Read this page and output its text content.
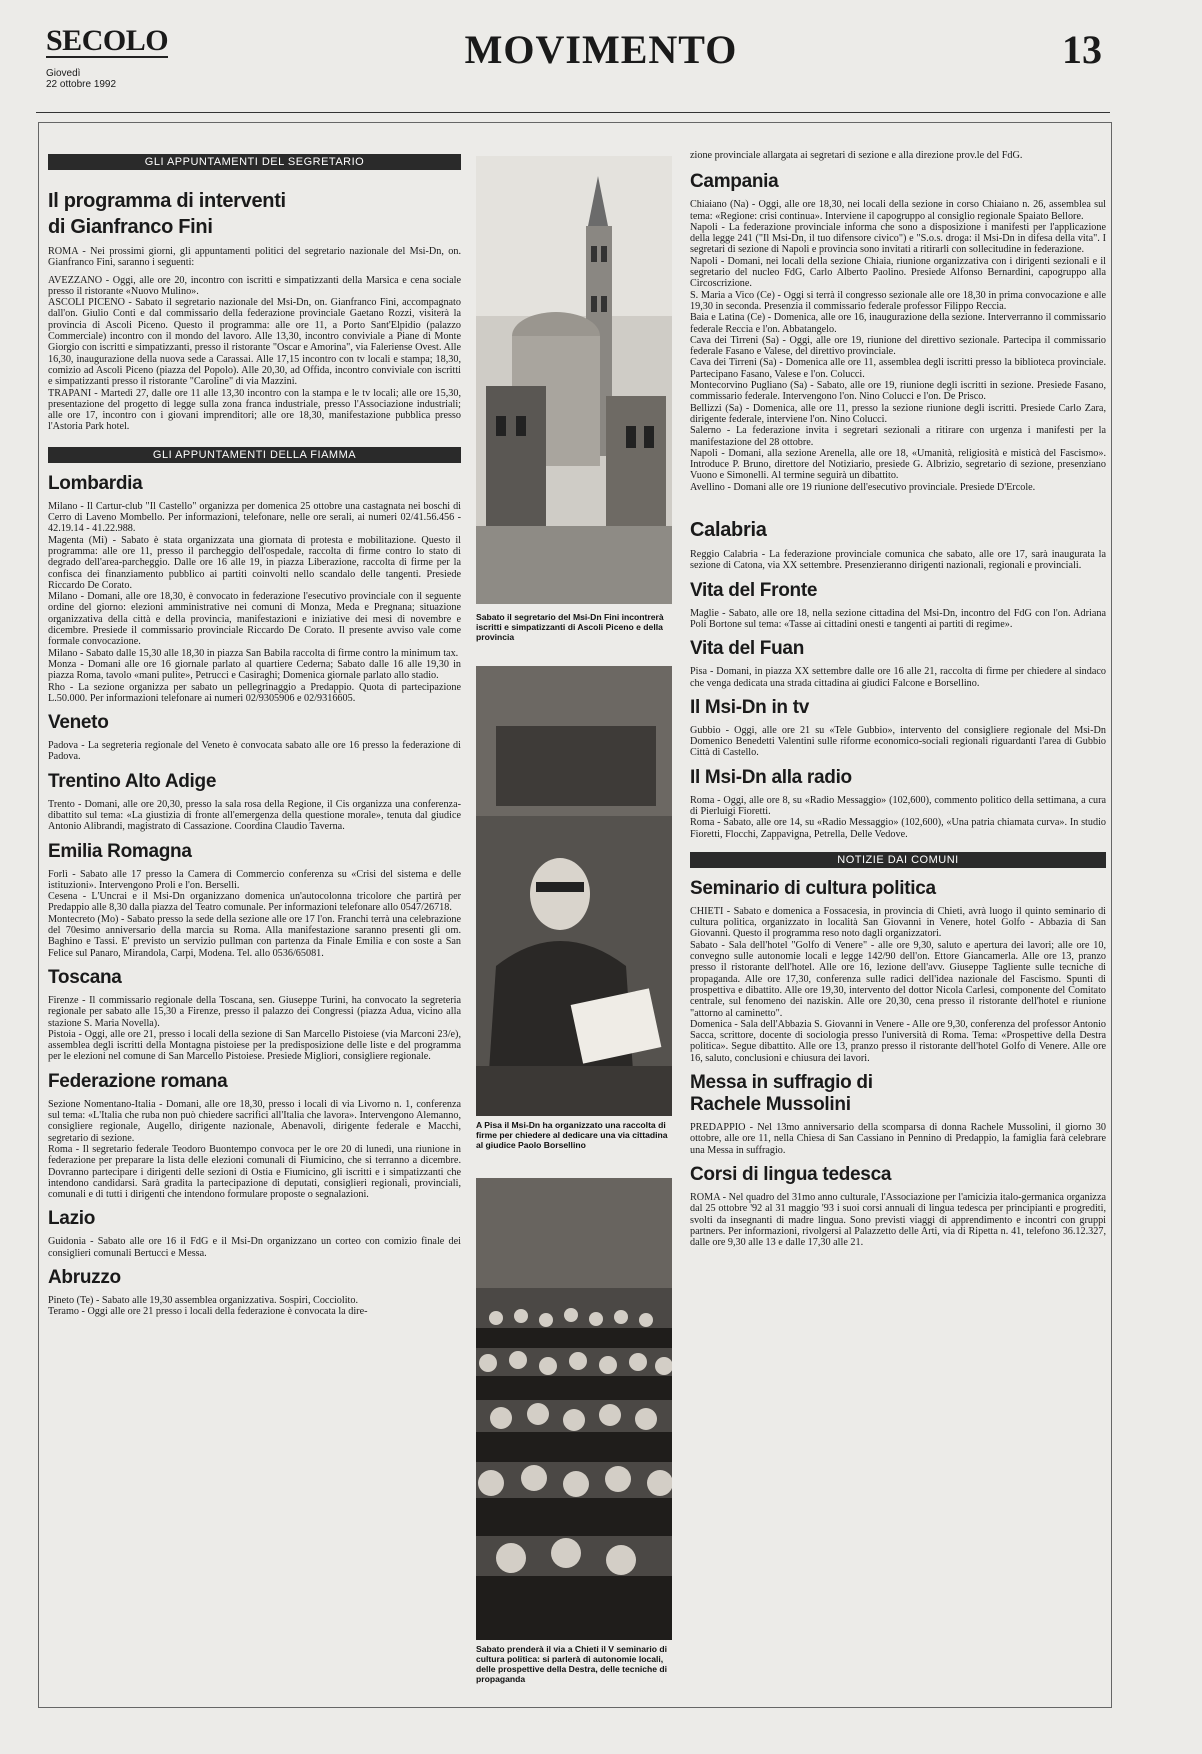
SECOLO
Giovedì
22 ottobre 1992
MOVIMENTO	13
GLI APPUNTAMENTI DEL SEGRETARIO
Il programma di interventi di Gianfranco Fini

ROMA - Nei prossimi giorni, gli appuntamenti politici del segretario nazionale del Msi-Dn, on. Gianfranco Fini, saranno i seguenti:

AVEZZANO - Oggi, alle ore 20, incontro con iscritti e simpatizzanti della Marsica e cena sociale presso il ristorante «Nuovo Mulino».

ASCOLI PICENO - Sabato il segretario nazionale del Msi-Dn, on. Gianfranco Fini, accompagnato dall'on. Giulio Conti e dal commissario della federazione provinciale Gaetano Rozzi, visiterà la provincia di Ascoli Piceno. Questo il programma: alle ore 11, a Porto Sant'Elpidio (palazzo Commerciale) incontro con il mondo del lavoro. Alle 13,30, incontro conviviale a Piane di Monte Giorgio con iscritti e simpatizzanti, presso il ristorante "Oscar e Amorina", via Faleriense Ovest. Alle 16,30, inaugurazione della nuova sede a Carassai. Alle 17,15 incontro con tv locali e stampa; 18,30, comizio ad Ascoli Piceno (piazza del Popolo). Alle 20,30, ad Offida, incontro conviviale con iscritti e simpatizzanti presso il ristorante "Caroline" di via Mazzini.

TRAPANI - Martedì 27, dalle ore 11 alle 13,30 incontro con la stampa e le tv locali; alle ore 15,30, presentazione del progetto di legge sulla zona franca industriale, presso l'Associazione industriali; alle ore 17, incontro con i giovani imprenditori; alle ore 18,30, manifestazione pubblica presso l'Astoria Park hotel.

GLI APPUNTAMENTI DELLA FIAMMA
Lombardia

Milano - Il Cartur-club "Il Castello" organizza per domenica 25 ottobre una castagnata nei boschi di Cerro di Laveno Mombello. Per informazioni, telefonare, nelle ore serali, ai numeri 02/41.56.456 - 42.19.14 - 41.22.988.

Magenta (Mi) - Sabato è stata organizzata una giornata di protesta e mobilitazione. Questo il programma: alle ore 11, presso il parcheggio dell'ospedale, raccolta di firme contro lo stato di degrado dell'area-parcheggio. Dalle ore 16 alle 19, in piazza Liberazione, raccolta di firme per la confisca dei finanziamento pubblico ai partiti coinvolti nello scandalo delle tangenti. Presiede Riccardo De Corato.

Milano - Domani, alle ore 18,30, è convocato in federazione l'esecutivo provinciale con il seguente ordine del giorno: elezioni amministrative nei comuni di Monza, Meda e Pregnana; situazione organizzativa della città e della provincia, manifestazioni e iniziative dei mesi di novembre e dicembre. Presiede il commissario provinciale Riccardo De Corato. Il presente avviso vale come formale convocazione.

Milano - Sabato dalle 15,30 alle 18,30 in piazza San Babila raccolta di firme contro la minimum tax.

Monza - Domani alle ore 16 giornale parlato al quartiere Cederna; Sabato dalle 16 alle 19,30 in piazza Roma, tavolo «mani pulite», Petrucci e Casiraghi; Domenica giornale parlato allo stadio.

Rho - La sezione organizza per sabato un pellegrinaggio a Predappio. Quota di partecipazione L.50.000. Per informazioni telefonare ai numeri 02/9305906 e 02/9316605.

Veneto

Padova - La segreteria regionale del Veneto è convocata sabato alle ore 16 presso la federazione di Padova.

Trentino Alto Adige

Trento - Domani, alle ore 20,30, presso la sala rosa della Regione, il Cis organizza una conferenza-dibattito sul tema: «La giustizia di fronte all'emergenza della questione morale», tenuta dal giudice Antonio Alibrandi, magistrato di Cassazione. Coordina Claudio Taverna.

Emilia Romagna

Forlì - Sabato alle 17 presso la Camera di Commercio conferenza su «Crisi del sistema e delle istituzioni». Intervengono Proli e l'on. Berselli.

Cesena - L'Uncrai e il Msi-Dn organizzano domenica un'autocolonna tricolore che partirà per Predappio alle 8,30 dalla piazza del Teatro comunale. Per informazioni telefonare allo 0547/26718.

Montecreto (Mo) - Sabato presso la sede della sezione alle ore 17 l'on. Franchi terrà una celebrazione del 70esimo anniversario della marcia su Roma. Alla manifestazione saranno presenti gli om. Baghino e Tassi. E' previsto un servizio pullman con partenza da Finale Emilia e con soste a San Felice sul Panaro, Mirandola, Carpi, Modena. Tel. allo 0536/65081.

Toscana

Firenze - Il commissario regionale della Toscana, sen. Giuseppe Turini, ha convocato la segreteria regionale per sabato alle 15,30 a Firenze, presso il palazzo dei Congressi (piazza Adua, vicino alla stazione S. Maria Novella).

Pistoia - Oggi, alle ore 21, presso i locali della sezione di San Marcello Pistoiese (via Marconi 23/e), assemblea degli iscritti della Montagna pistoiese per la predisposizione delle liste e del programma per le elezioni nel comune di San Marcello Pistoiese. Presiede Migliori, consigliere regionale.

Federazione romana

Sezione Nomentano-Italia - Domani, alle ore 18,30, presso i locali di via Livorno n. 1, conferenza sul tema: «L'Italia che ruba non può chiedere sacrifici all'Italia che lavora». Intervengono Alemanno, consigliere regionale, Augello, dirigente nazionale, Abenavoli, dirigente federale e Macchi, segretario di sezione.

Roma - Il segretario federale Teodoro Buontempo convoca per le ore 20 di lunedì, una riunione in federazione per preparare la lista delle elezioni comunali di Fiumicino, che si terranno a dicembre. Dovranno partecipare i dirigenti delle sezioni di Ostia e Fiumicino, gli iscritti e i simpatizzanti che intendono candidarsi. Sarà gradita la partecipazione di deputati, consiglieri regionali, provinciali, comunali e di tutti i dirigenti che intendono formulare proposte o segnalazioni.

Lazio

Guidonia - Sabato alle ore 16 il FdG e il Msi-Dn organizzano un corteo con comizio finale dei consiglieri comunali Bertucci e Messa.

Abruzzo

Pineto (Te) - Sabato alle 19,30 assemblea organizzativa. Sospiri, Cocciolito.

Teramo - Oggi alle ore 21 presso i locali della federazione è convocata la dire-

Sabato il segretario del Msi-Dn Fini incontrerà iscritti e simpatizzanti di Ascoli Piceno e della provincia
A Pisa il Msi-Dn ha organizzato una raccolta di firme per chiedere al dedicare una via cittadina al giudice Paolo Borsellino
Sabato prenderà il via a Chieti il V seminario di cultura politica: si parlerà di autonomie locali, delle prospettive della Destra, delle tecniche di propaganda

zione provinciale allargata ai segretari di sezione e alla direzione prov.le del FdG.

Campania

Chiaiano (Na) - Oggi, alle ore 18,30, nei locali della sezione in corso Chiaiano n. 26, assemblea sul tema: «Regione: crisi continua». Interviene il capogruppo al consiglio regionale Spaiato Bellore.

Napoli - La federazione provinciale informa che sono a disposizione i manifesti per l'applicazione della legge 241 ("Il Msi-Dn, il tuo difensore civico") e "S.o.s. droga: il Msi-Dn in difesa della vita". I segretari di sezione di Napoli e provincia sono invitati a ritirarli con sollecitudine in federazione.

Napoli - Domani, nei locali della sezione Chiaia, riunione organizzativa con i dirigenti sezionali e il segretario del nucleo FdG, Carlo Alberto Paolino. Presiede Alfonso Bernardini, capogruppo alla Circoscrizione.

S. Maria a Vico (Ce) - Oggi si terrà il congresso sezionale alle ore 18,30 in prima convocazione e alle 19,30 in seconda. Presenzia il commissario federale professor Filippo Reccia.

Baia e Latina (Ce) - Domenica, alle ore 16, inaugurazione della sezione. Interverranno il commissario federale Reccia e l'on. Abbatangelo.

Cava dei Tirreni (Sa) - Oggi, alle ore 19, riunione del direttivo sezionale. Partecipa il commissario federale Fasano e Valese, del direttivo provinciale.

Cava dei Tirreni (Sa) - Domenica alle ore 11, assemblea degli iscritti presso la biblioteca provinciale. Partecipano Fasano, Valese e l'on. Colucci.

Montecorvino Pugliano (Sa) - Sabato, alle ore 19, riunione degli iscritti in sezione. Presiede Fasano, commissario federale. Intervengono l'on. Nino Colucci e l'on. De Prisco.

Bellizzi (Sa) - Domenica, alle ore 11, presso la sezione riunione degli iscritti. Presiede Carlo Zara, dirigente federale, interviene l'on. Nino Colucci.

Salerno - La federazione invita i segretari sezionali a ritirare con urgenza i manifesti per la manifestazione del 28 ottobre.

Napoli - Domani, alla sezione Arenella, alle ore 18, «Umanità, religiosità e misticà del Fascismo». Introduce P. Bruno, direttore del Notiziario, presiede G. Albrizio, segretario di sezione, presenziano Vuono e Simonelli. Al termine seguirà un dibattito.

Avellino - Domani alle ore 19 riunione dell'esecutivo provinciale. Presiede D'Ercole.

Calabria

Reggio Calabria - La federazione provinciale comunica che sabato, alle ore 17, sarà inaugurata la sezione di Catona, via XX settembre. Presenzieranno dirigenti nazionali, regionali e provinciali.

Vita del Fronte

Maglie - Sabato, alle ore 18, nella sezione cittadina del Msi-Dn, incontro del FdG con l'on. Adriana Poli Bortone sul tema: «Tasse ai cittadini onesti e tangenti ai partiti di regime».

Vita del Fuan

Pisa - Domani, in piazza XX settembre dalle ore 16 alle 21, raccolta di firme per chiedere al sindaco che venga dedicata una strada cittadina ai giudici Falcone e Borsellino.

Il Msi-Dn in tv

Gubbio - Oggi, alle ore 21 su «Tele Gubbio», intervento del consigliere regionale del Msi-Dn Domenico Benedetti Valentini sulle riforme economico-sociali regionali riguardanti l'area di Gubbio Città di Castello.

Il Msi-Dn alla radio

Roma - Oggi, alle ore 8, su «Radio Messaggio» (102,600), commento politico della settimana, a cura di Pierluigi Fioretti.

Roma - Sabato, alle ore 14, su «Radio Messaggio» (102,600), «Una patria chiamata curva». In studio Fioretti, Flocchi, Zappavigna, Petrella, Delle Vedove.

NOTIZIE DAI COMUNI
Seminario di cultura politica

CHIETI - Sabato e domenica a Fossacesia, in provincia di Chieti, avrà luogo il quinto seminario di cultura politica, organizzato in località San Giovanni in Venere, hotel Golfo - Abbazia di San Giovanni. Questo il programma reso noto dagli organizzatori.

Sabato - Sala dell'hotel "Golfo di Venere" - alle ore 9,30, saluto e apertura dei lavori; alle ore 10, convegno sulle autonomie locali e legge 142/90 dell'on. Ettore Giancamerla. Alle ore 13, pranzo presso il ristorante dell'hotel. Alle ore 16, lezione dell'avv. Giuseppe Tagliente sulle tecniche di propaganda. Alle ore 17,30, conferenza sulle radici dell'idea nazionale del Fascismo. Spunti di prospettiva e dibattito. Alle ore 19,30, intervento del dottor Nicola Carlesi, componente del Comitato centrale, sul fenomeno dei naziskin. Alle ore 20,30, cena presso il ristorante dell'hotel e riunione "attorno al caminetto".

Domenica - Sala dell'Abbazia S. Giovanni in Venere - Alle ore 9,30, conferenza del professor Antonio Sacca, scrittore, docente di sociologia presso l'università di Roma. Tema: «Prospettive della Destra politica». Segue dibattito. Alle ore 13, pranzo presso il ristorante dell'hotel Golfo di Venere. Alle ore 16, saluto, conclusioni e chiusura dei lavori.

Messa in suffragio di Rachele Mussolini

PREDAPPIO - Nel 13mo anniversario della scomparsa di donna Rachele Mussolini, il giorno 30 ottobre, alle ore 11, nella Chiesa di San Cassiano in Pennino di Predappio, la famiglia farà celebrare una Messa in suffragio.

Corsi di lingua tedesca

ROMA - Nel quadro del 31mo anno culturale, l'Associazione per l'amicizia italo-germanica organizza dal 25 ottobre '92 al 31 maggio '93 i suoi corsi annuali di lingua tedesca per principianti e progrediti, svolti da insegnanti di madre lingua. Sono previsti viaggi di apprendimento e incontri con gruppi partners. Per informazioni, rivolgersi al Palazzetto delle Arti, via di Ripetta n. 41, telefono 36.12.327, dalle ore 9,30 alle 13 e dalle 17,30 alle 21.
